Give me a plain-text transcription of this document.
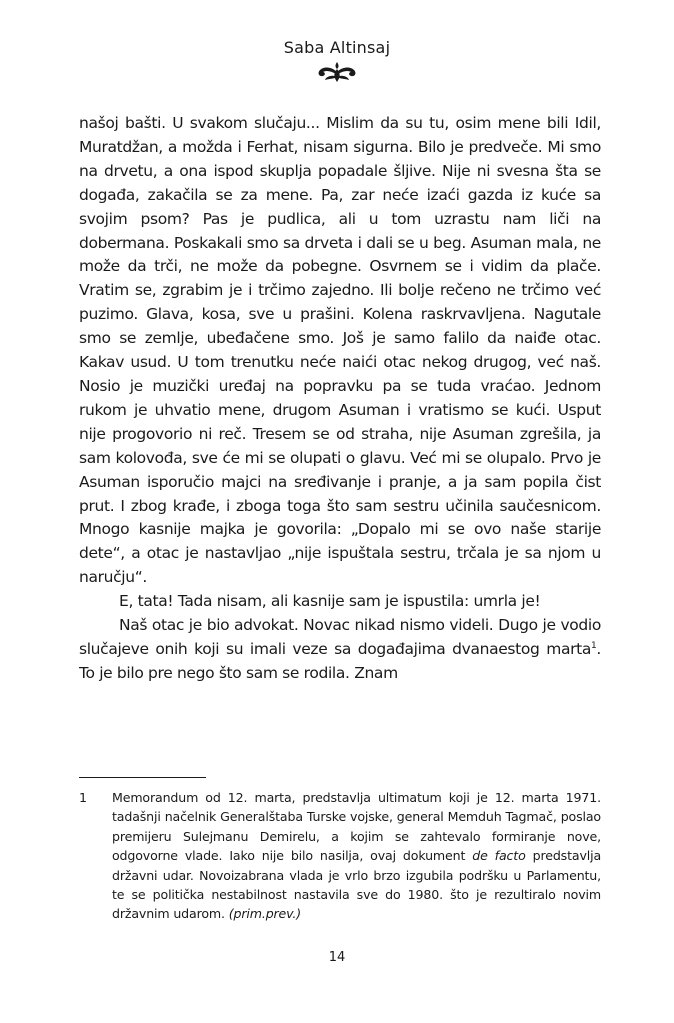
Saba Altinsaj

našoj bašti. U svakom slučaju... Mislim da su tu, osim mene bili Idil, Muratdžan, a možda i Ferhat, nisam sigurna. Bilo je predveče. Mi smo na drvetu, a ona ispod skuplja popadale šljive. Nije ni svesna šta se događa, zakačila se za mene. Pa, zar neće izaći gazda iz kuće sa svojim psom? Pas je pudlica, ali u tom uzrastu nam liči na dobermana. Poskakali smo sa drveta i dali se u beg. Asuman mala, ne može da trči, ne može da pobegne. Osvrnem se i vidim da plače. Vratim se, zgrabim je i trčimo zajedno. Ili bolje rečeno ne trčimo već puzimo. Glava, kosa, sve u prašini. Kolena raskrvavljena. Nagutale smo se zemlje, ubeđačene smo. Još je samo falilo da naiđe otac. Kakav usud. U tom trenutku neće naići otac nekog drugog, već naš. Nosio je muzički uređaj na popravku pa se tuda vraćao. Jednom rukom je uhvatio mene, drugom Asuman i vratismo se kući. Usput nije progovorio ni reč. Tresem se od straha, nije Asuman zgrešila, ja sam kolovođa, sve će mi se olupati o glavu. Već mi se olupalo. Prvo je Asuman isporučio majci na sređivanje i pranje, a ja sam popila čist prut. I zbog krađe, i zboga toga što sam sestru učinila saučesnicom. Mnogo kasnije majka je govorila: „Dopalo mi se ovo naše starije dete“, a otac je nastavljao „nije ispuštala sestru, trčala je sa njom u naručju“.

E, tata! Tada nisam, ali kasnije sam je ispustila: umrla je!

Naš otac je bio advokat. Novac nikad nismo videli. Dugo je vodio slučajeve onih koji su imali veze sa događajima dvanaestog marta$^1$. To je bilo pre nego što sam se rodila. Znam

1	Memorandum od 12. marta, predstavlja ultimatum koji je 12. marta 1971. tadašnji načelnik Generalštaba Turske vojske, general Memduh Tagmač, poslao premijeru Sulejmanu Demirelu, a kojim se zahtevalo formiranje nove, odgovorne vlade. Iako nije bilo nasilja, ovaj dokument de facto predstavlja državni udar. Novoizabrana vlada je vrlo brzo izgubila podršku u Parlamentu, te se politička nestabilnost nastavila sve do 1980. što je rezultiralo novim državnim udarom. (prim.prev.)
14
